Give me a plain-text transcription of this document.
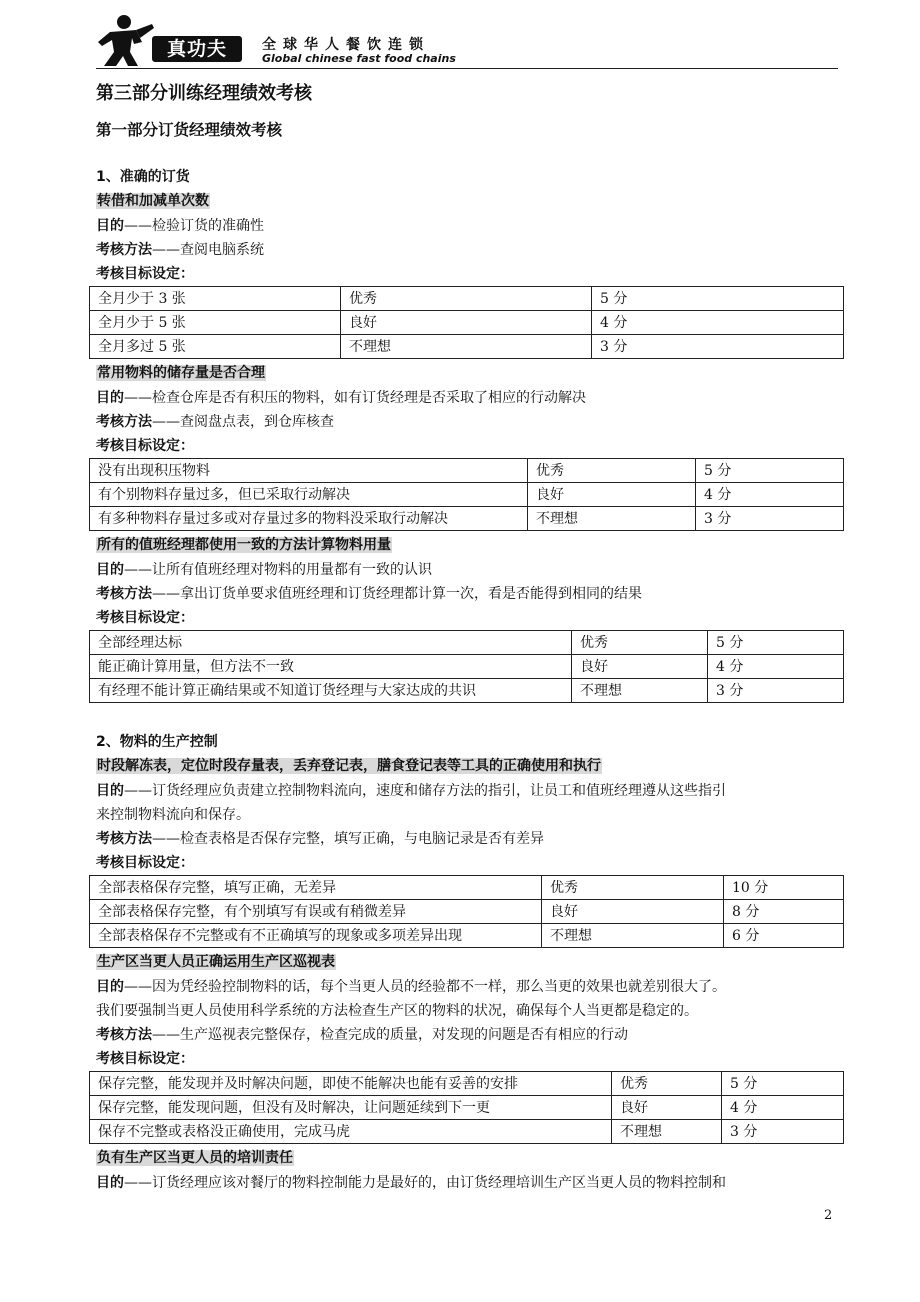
真功夫	全球华人餐饮连锁
Global chinese fast food chains
第三部分训练经理绩效考核
第一部分订货经理绩效考核
1、准确的订货
转借和加减单次数
目的——检验订货的准确性
考核方法——查阅电脑系统
考核目标设定：
全月少于 3 张	优秀	5 分
全月少于 5 张	良好	4 分
全月多过 5 张	不理想	3 分
常用物料的储存量是否合理
目的——检查仓库是否有积压的物料，如有订货经理是否采取了相应的行动解决
考核方法——查阅盘点表，到仓库核查
考核目标设定：
没有出现积压物料	优秀	5 分
有个别物料存量过多，但已采取行动解决	良好	4 分
有多种物料存量过多或对存量过多的物料没采取行动解决	不理想	3 分
所有的值班经理都使用一致的方法计算物料用量
目的——让所有值班经理对物料的用量都有一致的认识
考核方法——拿出订货单要求值班经理和订货经理都计算一次，看是否能得到相同的结果
考核目标设定：
全部经理达标	优秀	5 分
能正确计算用量，但方法不一致	良好	4 分
有经理不能计算正确结果或不知道订货经理与大家达成的共识	不理想	3 分
2、物料的生产控制
时段解冻表，定位时段存量表，丢弃登记表，膳食登记表等工具的正确使用和执行
目的——订货经理应负责建立控制物料流向，速度和储存方法的指引，让员工和值班经理遵从这些指引
来控制物料流向和保存。
考核方法——检查表格是否保存完整，填写正确，与电脑记录是否有差异
考核目标设定：
全部表格保存完整，填写正确，无差异	优秀	10 分
全部表格保存完整，有个别填写有误或有稍微差异	良好	8 分
全部表格保存不完整或有不正确填写的现象或多项差异出现	不理想	6 分
生产区当更人员正确运用生产区巡视表
目的——因为凭经验控制物料的话，每个当更人员的经验都不一样，那么当更的效果也就差别很大了。
我们要强制当更人员使用科学系统的方法检查生产区的物料的状况，确保每个人当更都是稳定的。
考核方法——生产巡视表完整保存，检查完成的质量，对发现的问题是否有相应的行动
考核目标设定：
保存完整，能发现并及时解决问题，即使不能解决也能有妥善的安排	优秀	5 分
保存完整，能发现问题，但没有及时解决，让问题延续到下一更	良好	4 分
保存不完整或表格没正确使用，完成马虎	不理想	3 分
负有生产区当更人员的培训责任
目的——订货经理应该对餐厅的物料控制能力是最好的，由订货经理培训生产区当更人员的物料控制和
2
